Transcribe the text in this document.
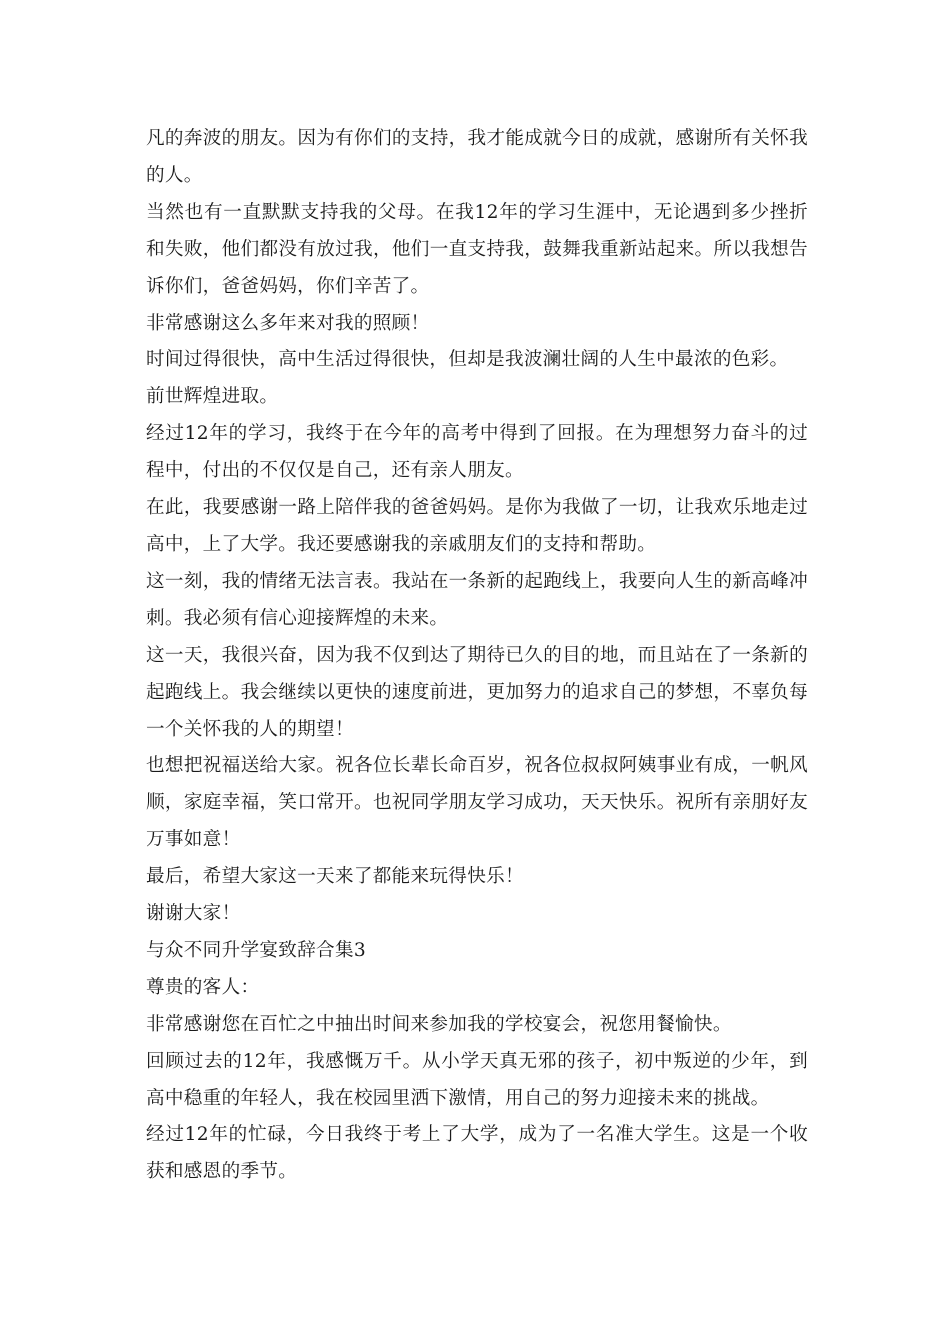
凡的奔波的朋友。因为有你们的支持，我才能成就今日的成就，感谢所有关怀我的人。

当然也有一直默默支持我的父母。在我12年的学习生涯中，无论遇到多少挫折和失败，他们都没有放过我，他们一直支持我，鼓舞我重新站起来。所以我想告诉你们，爸爸妈妈，你们辛苦了。

非常感谢这么多年来对我的照顾！

时间过得很快，高中生活过得很快，但却是我波澜壮阔的人生中最浓的色彩。

前世辉煌进取。

经过12年的学习，我终于在今年的高考中得到了回报。在为理想努力奋斗的过程中，付出的不仅仅是自己，还有亲人朋友。

在此，我要感谢一路上陪伴我的爸爸妈妈。是你为我做了一切，让我欢乐地走过高中，上了大学。我还要感谢我的亲戚朋友们的支持和帮助。

这一刻，我的情绪无法言表。我站在一条新的起跑线上，我要向人生的新高峰冲刺。我必须有信心迎接辉煌的未来。

这一天，我很兴奋，因为我不仅到达了期待已久的目的地，而且站在了一条新的起跑线上。我会继续以更快的速度前进，更加努力的追求自己的梦想，不辜负每一个关怀我的人的期望！

也想把祝福送给大家。祝各位长辈长命百岁，祝各位叔叔阿姨事业有成，一帆风顺，家庭幸福，笑口常开。也祝同学朋友学习成功，天天快乐。祝所有亲朋好友万事如意！

最后，希望大家这一天来了都能来玩得快乐！

谢谢大家！

与众不同升学宴致辞合集3

尊贵的客人：

非常感谢您在百忙之中抽出时间来参加我的学校宴会，祝您用餐愉快。

回顾过去的12年，我感慨万千。从小学天真无邪的孩子，初中叛逆的少年，到高中稳重的年轻人，我在校园里洒下激情，用自己的努力迎接未来的挑战。

经过12年的忙碌，今日我终于考上了大学，成为了一名准大学生。这是一个收获和感恩的季节。
